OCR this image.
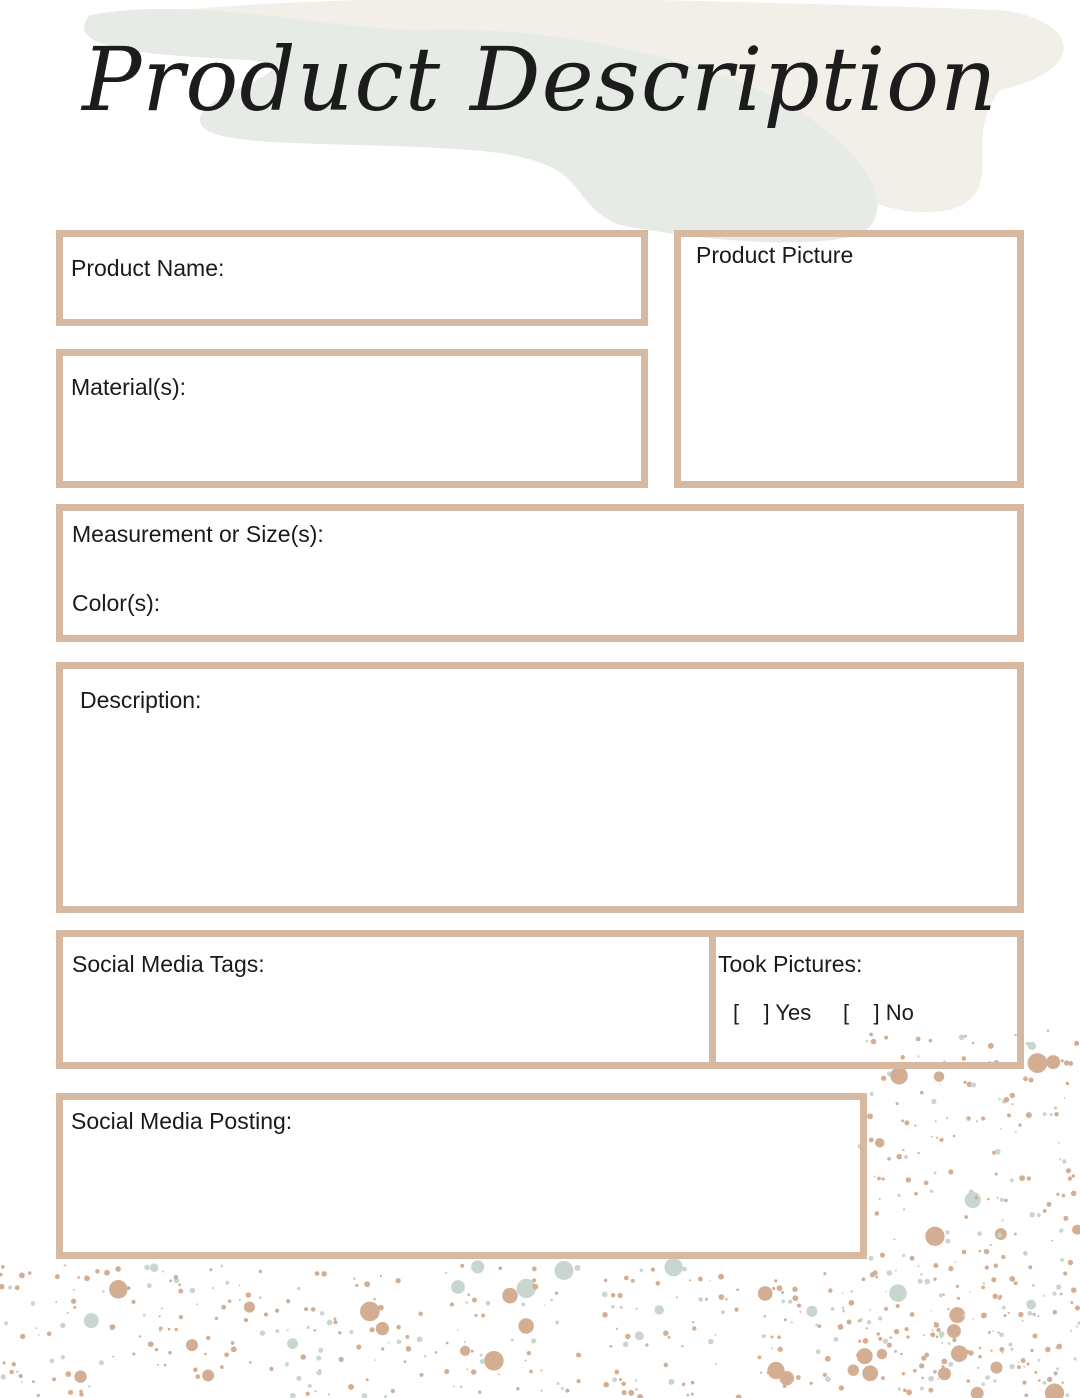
Product Description
Product Name:
Material(s):
Product Picture
Measurement or Size(s):
Color(s):
Description:
Social Media Tags:	Took Pictures:
[    ] Yes [    ] No
Social Media Posting:
